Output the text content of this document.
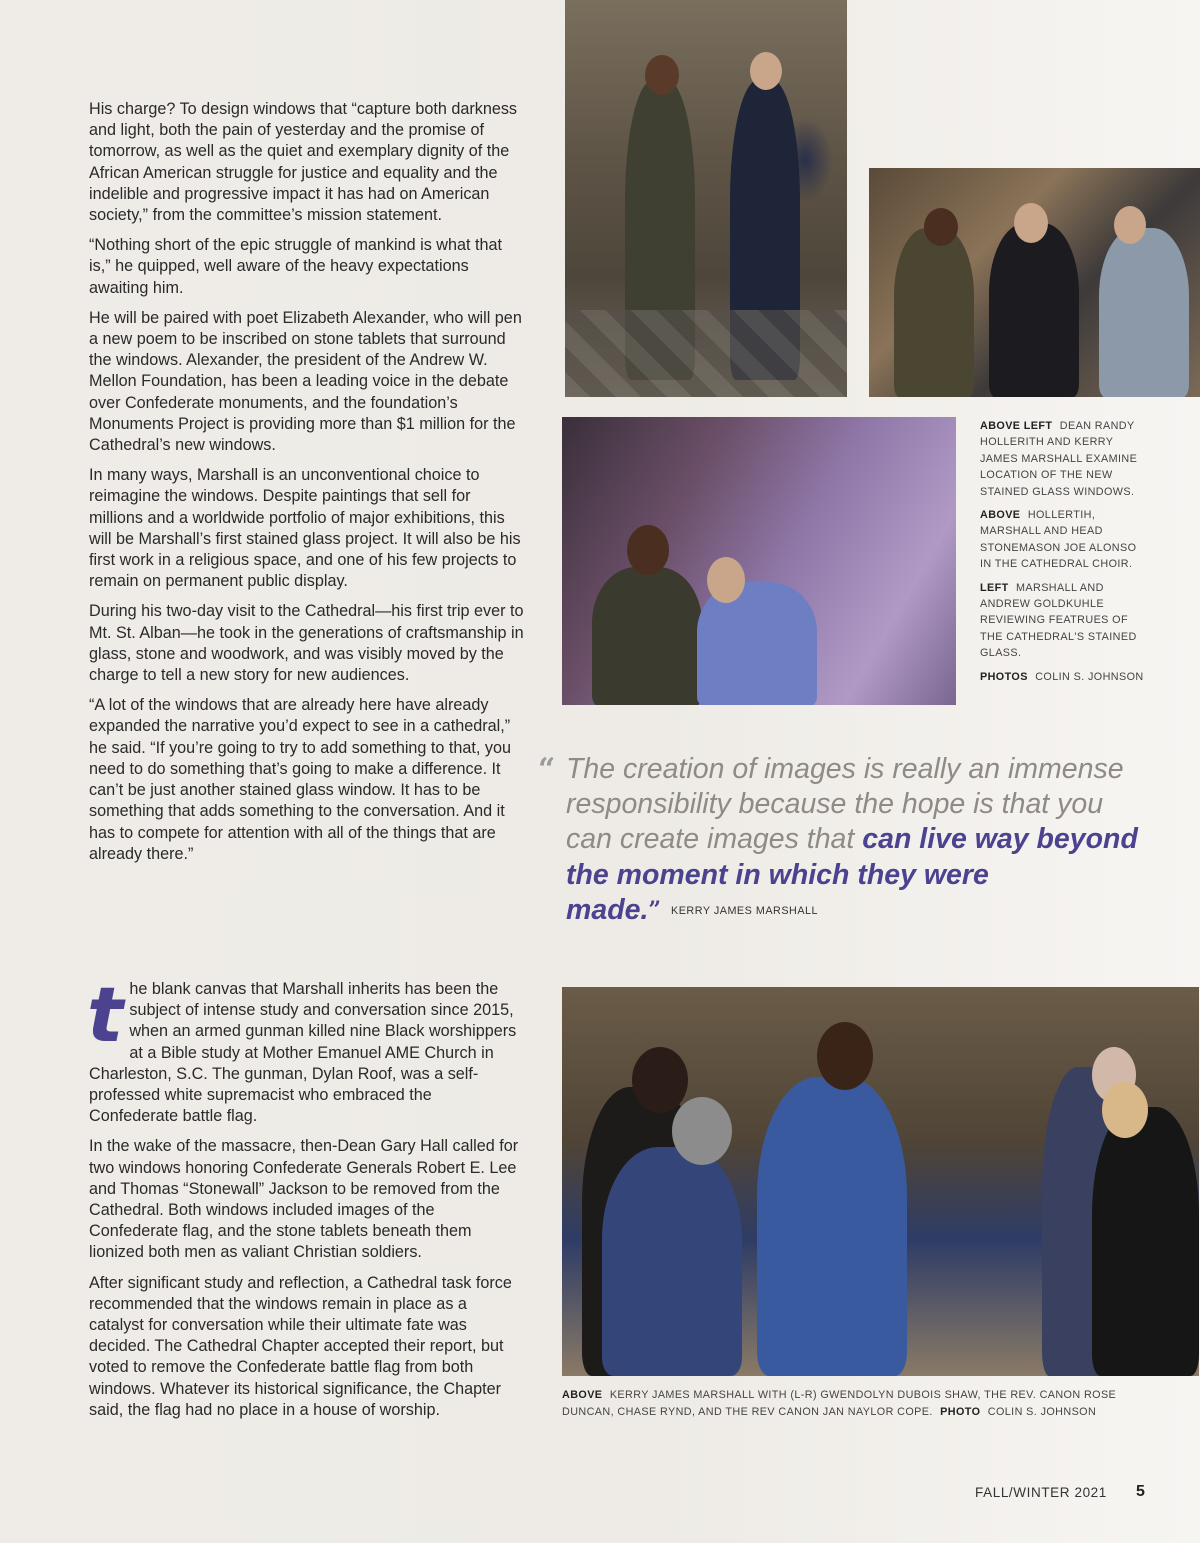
His charge? To design windows that “capture both darkness and light, both the pain of yesterday and the promise of tomorrow, as well as the quiet and exemplary dignity of the African American struggle for justice and equality and the indelible and progressive impact it has had on American society,” from the committee’s mission statement.

“Nothing short of the epic struggle of mankind is what that is,” he quipped, well aware of the heavy expectations awaiting him.

He will be paired with poet Elizabeth Alexander, who will pen a new poem to be inscribed on stone tablets that surround the windows. Alexander, the president of the Andrew W. Mellon Foundation, has been a leading voice in the debate over Confederate monuments, and the foundation’s Monuments Project is providing more than $1 million for the Cathedral’s new windows.

In many ways, Marshall is an unconventional choice to reimagine the windows. Despite paintings that sell for millions and a worldwide portfolio of major exhibitions, this will be Marshall’s first stained glass project. It will also be his first work in a religious space, and one of his few projects to remain on permanent public display.

During his two-day visit to the Cathedral—his first trip ever to Mt. St. Alban—he took in the generations of craftsmanship in glass, stone and woodwork, and was visibly moved by the charge to tell a new story for new audiences.

“A lot of the windows that are already here have already expanded the narrative you’d expect to see in a cathedral,” he said. “If you’re going to try to add something to that, you need to do something that’s going to make a difference. It can’t be just another stained glass window. It has to be something that adds something to the conversation. And it has to compete for attention with all of the things that are already there.”

the blank canvas that Marshall inherits has been the subject of intense study and conversation since 2015, when an armed gunman killed nine Black worshippers at a Bible study at Mother Emanuel AME Church in Charleston, S.C. The gunman, Dylan Roof, was a self-professed white supremacist who embraced the Confederate battle flag.

In the wake of the massacre, then-Dean Gary Hall called for two windows honoring Confederate Generals Robert E. Lee and Thomas “Stonewall” Jackson to be removed from the Cathedral. Both windows included images of the Confederate flag, and the stone tablets beneath them lionized both men as valiant Christian soldiers.

After significant study and reflection, a Cathedral task force recommended that the windows remain in place as a catalyst for conversation while their ultimate fate was decided. The Cathedral Chapter accepted their report, but voted to remove the Confederate battle flag from both windows. Whatever its historical significance, the Chapter said, the flag had no place in a house of worship.

ABOVE LEFT DEAN RANDY HOLLERITH AND KERRY JAMES MARSHALL EXAMINE LOCATION OF THE NEW STAINED GLASS WINDOWS.

ABOVE HOLLERTIH, MARSHALL AND HEAD STONEMASON JOE ALONSO IN THE CATHEDRAL CHOIR.

LEFT MARSHALL AND ANDREW GOLDKUHLE REVIEWING FEATRUES OF THE CATHEDRAL'S STAINED GLASS.

PHOTOS COLIN S. JOHNSON

“ The creation of images is really an immense responsibility because the hope is that you can create images that can live way beyond the moment in which they were made.” KERRY JAMES MARSHALL
ABOVE KERRY JAMES MARSHALL WITH (L-R) GWENDOLYN DUBOIS SHAW, THE REV. CANON ROSE DUNCAN, CHASE RYND, AND THE REV CANON JAN NAYLOR COPE. PHOTO COLIN S. JOHNSON
FALL/WINTER 2021 5
